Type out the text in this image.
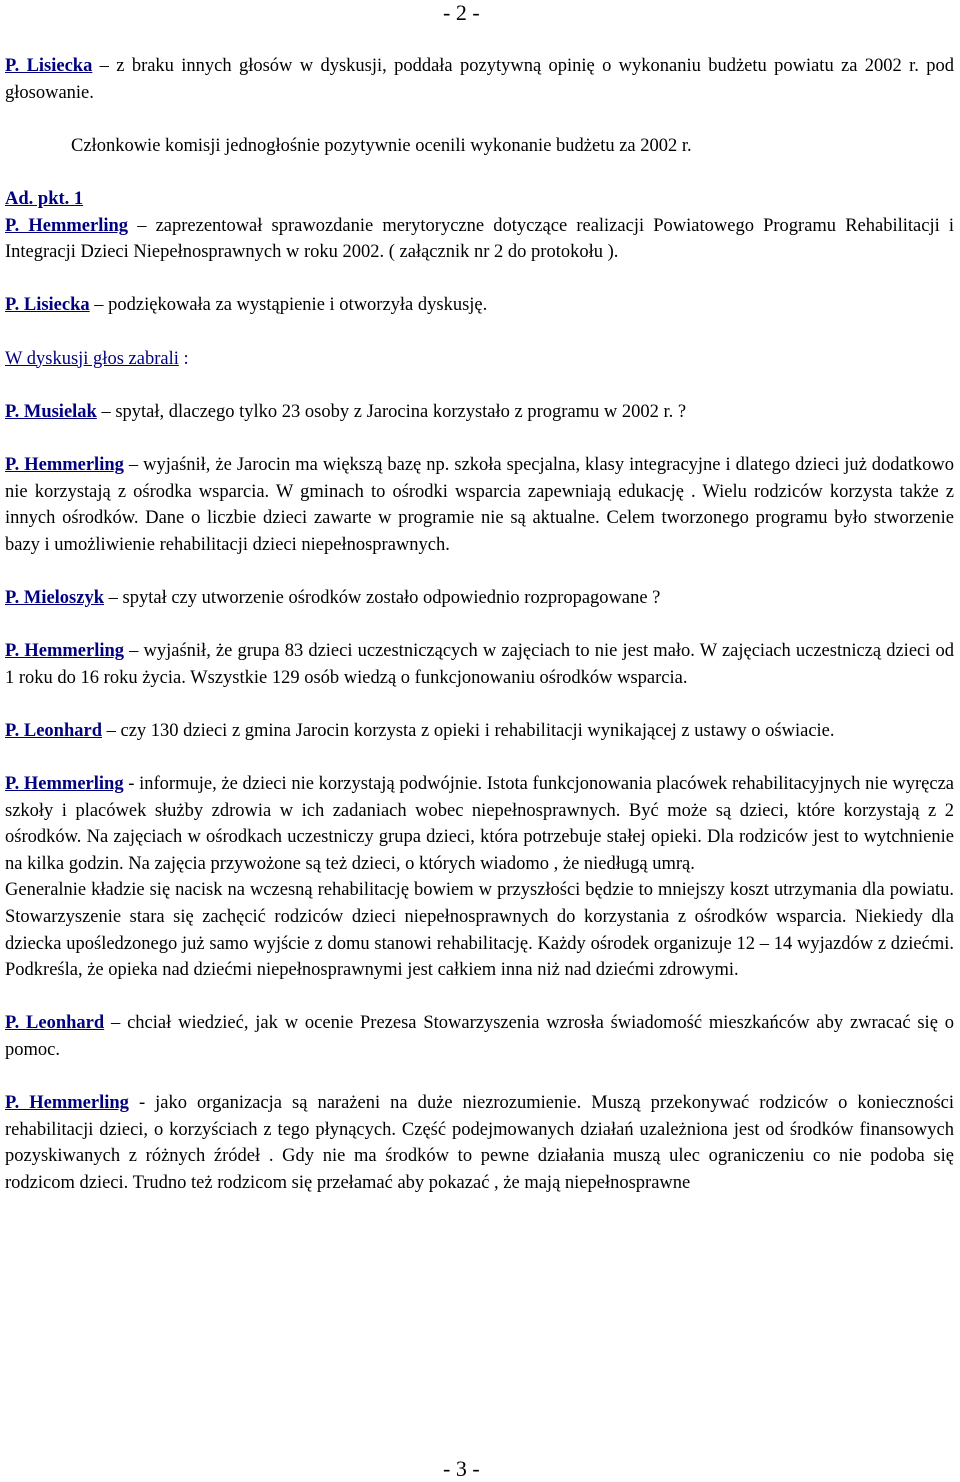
- 2 -

P. Lisiecka – z braku innych głosów w dyskusji, poddała pozytywną opinię o wykonaniu budżetu powiatu za 2002 r. pod głosowanie.

Członkowie komisji jednogłośnie pozytywnie ocenili wykonanie budżetu za 2002 r.

Ad. pkt. 1

P. Hemmerling – zaprezentował sprawozdanie merytoryczne dotyczące realizacji Powiatowego Programu Rehabilitacji i Integracji Dzieci Niepełnosprawnych w roku 2002. ( załącznik nr 2 do protokołu ).

P. Lisiecka – podziękowała za wystąpienie i otworzyła dyskusję.

W dyskusji głos zabrali :

P. Musielak – spytał, dlaczego tylko 23 osoby z Jarocina korzystało z programu w 2002 r. ?

P. Hemmerling – wyjaśnił, że Jarocin ma większą bazę np. szkoła specjalna, klasy integracyjne i dlatego dzieci już dodatkowo nie korzystają z ośrodka wsparcia. W gminach to ośrodki wsparcia zapewniają edukację . Wielu rodziców korzysta także z innych ośrodków. Dane o liczbie dzieci zawarte w programie nie są aktualne. Celem tworzonego programu było stworzenie bazy i umożliwienie rehabilitacji dzieci niepełnosprawnych.

P. Mieloszyk – spytał czy utworzenie ośrodków zostało odpowiednio rozpropagowane ?

P. Hemmerling – wyjaśnił, że grupa 83 dzieci uczestniczących w zajęciach to nie jest mało. W zajęciach uczestniczą dzieci od 1 roku do 16 roku życia. Wszystkie 129 osób wiedzą o funkcjonowaniu ośrodków wsparcia.

P. Leonhard – czy 130 dzieci z gmina Jarocin korzysta z opieki i rehabilitacji wynikającej z ustawy o oświacie.

P. Hemmerling - informuje, że dzieci nie korzystają podwójnie. Istota funkcjonowania placówek rehabilitacyjnych nie wyręcza szkoły i placówek służby zdrowia w ich zadaniach wobec niepełnosprawnych. Być może są dzieci, które korzystają z 2 ośrodków. Na zajęciach w ośrodkach uczestniczy grupa dzieci, która potrzebuje stałej opieki. Dla rodziców jest to wytchnienie na kilka godzin. Na zajęcia przywożone są też dzieci, o których wiadomo , że niedługą umrą.

Generalnie kładzie się nacisk na wczesną rehabilitację bowiem w przyszłości będzie to mniejszy koszt utrzymania dla powiatu. Stowarzyszenie stara się zachęcić rodziców dzieci niepełnosprawnych do korzystania z ośrodków wsparcia. Niekiedy dla dziecka upośledzonego już samo wyjście z domu stanowi rehabilitację. Każdy ośrodek organizuje 12 – 14 wyjazdów z dziećmi. Podkreśla, że opieka nad dziećmi niepełnosprawnymi jest całkiem inna niż nad dziećmi zdrowymi.

P. Leonhard – chciał wiedzieć, jak w ocenie Prezesa Stowarzyszenia wzrosła świadomość mieszkańców aby zwracać się o pomoc.

P. Hemmerling - jako organizacja są narażeni na duże niezrozumienie. Muszą przekonywać rodziców o konieczności rehabilitacji dzieci, o korzyściach z tego płynących. Część podejmowanych działań uzależniona jest od środków finansowych pozyskiwanych z różnych źródeł . Gdy nie ma środków to pewne działania muszą ulec ograniczeniu co nie podoba się rodzicom dzieci. Trudno też rodzicom się przełamać aby pokazać , że mają niepełnosprawne

- 3 -
